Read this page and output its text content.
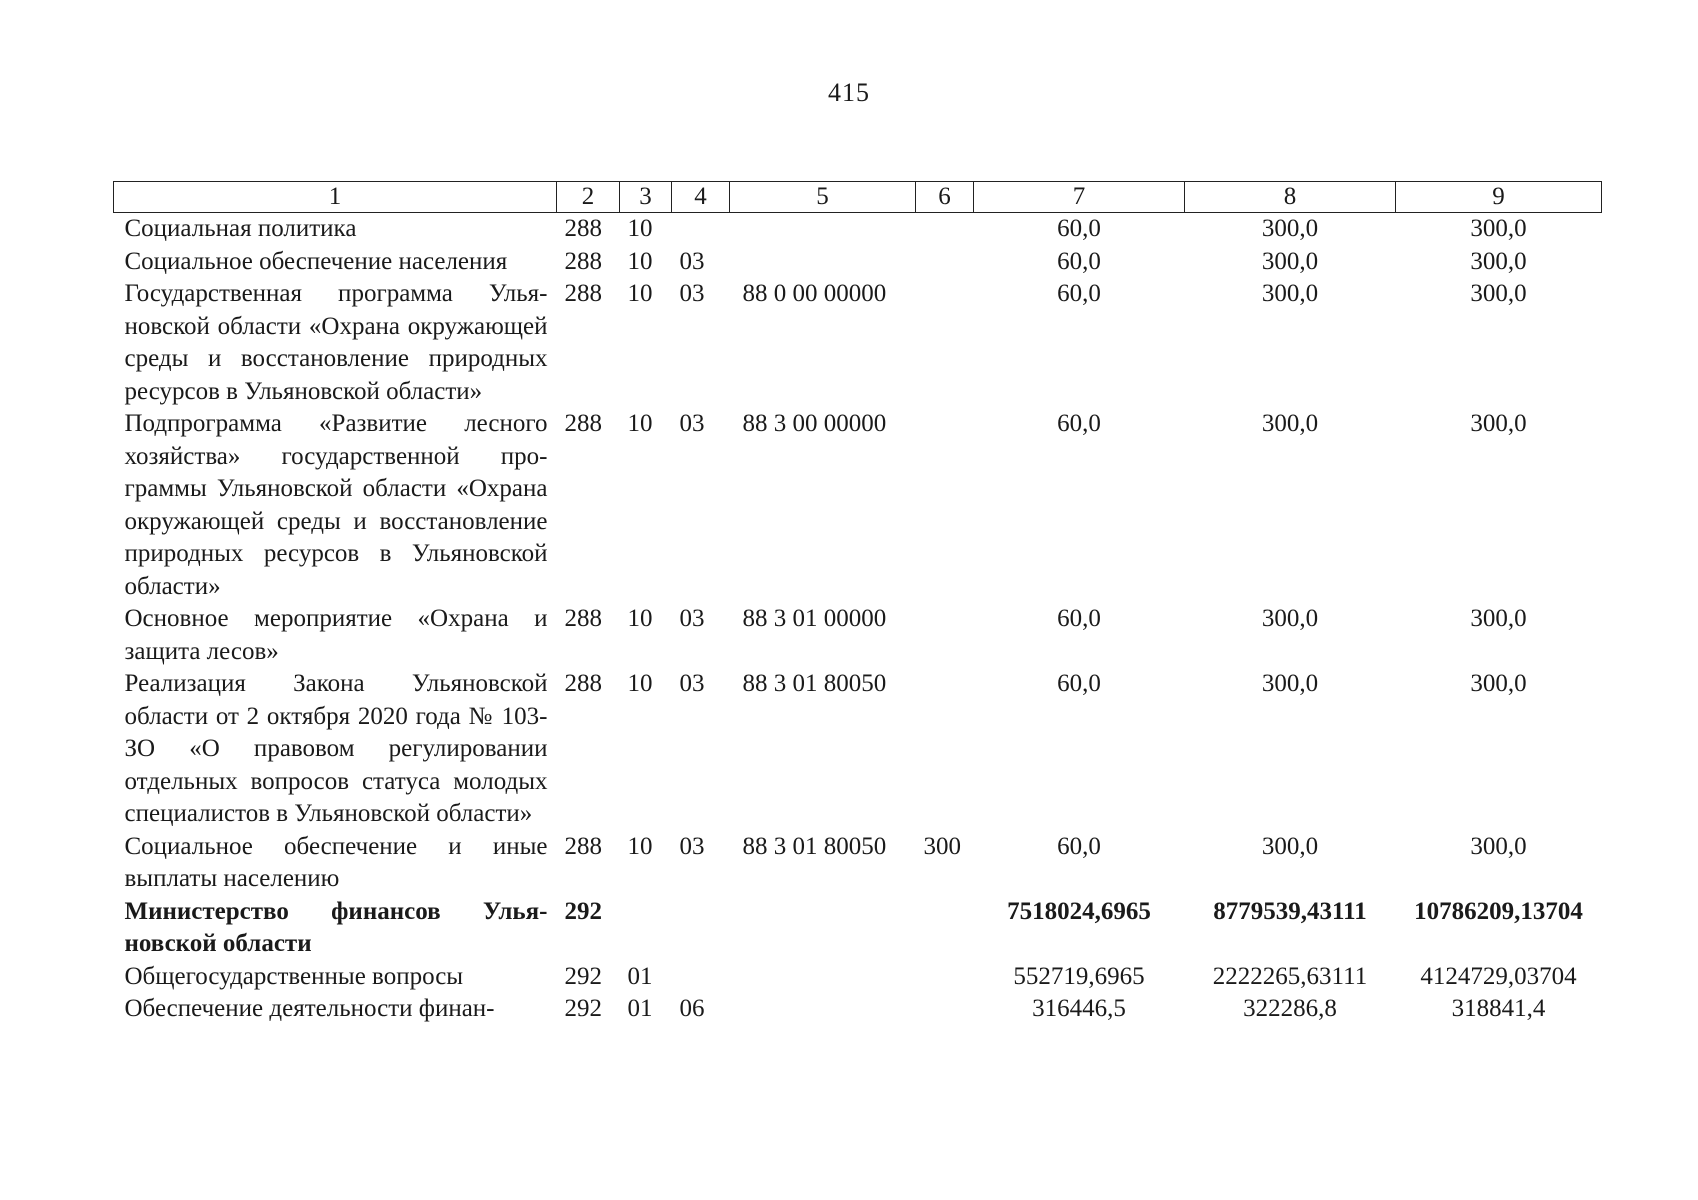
415
1	2	3	4	5	6	7	8	9
Социальная политика	288	10				60,0	300,0	300,0
Социальное обеспечение населения	288	10	03			60,0	300,0	300,0
Государственная программа Ульяновской области «Охрана окружающей среды и восстановление природных ресурсов в Ульяновской области»	288	10	03	88 0 00 00000		60,0	300,0	300,0
Подпрограмма «Развитие лесного хозяйства» государственной программы Ульяновской области «Охрана окружающей среды и восстановление природных ресурсов в Ульяновской области»	288	10	03	88 3 00 00000		60,0	300,0	300,0
Основное мероприятие «Охрана и защита лесов»	288	10	03	88 3 01 00000		60,0	300,0	300,0
Реализация Закона Ульяновской области от 2 октября 2020 года № 103-ЗО «О правовом регулировании отдельных вопросов статуса молодых специалистов в Ульяновской области»	288	10	03	88 3 01 80050		60,0	300,0	300,0
Социальное обеспечение и иные выплаты населению	288	10	03	88 3 01 80050	300	60,0	300,0	300,0
Министерство финансов Ульяновской области	292					7518024,6965	8779539,43111	10786209,13704
Общегосударственные вопросы	292	01				552719,6965	2222265,63111	4124729,03704
Обеспечение деятельности финан-	292	01	06			316446,5	322286,8	318841,4
